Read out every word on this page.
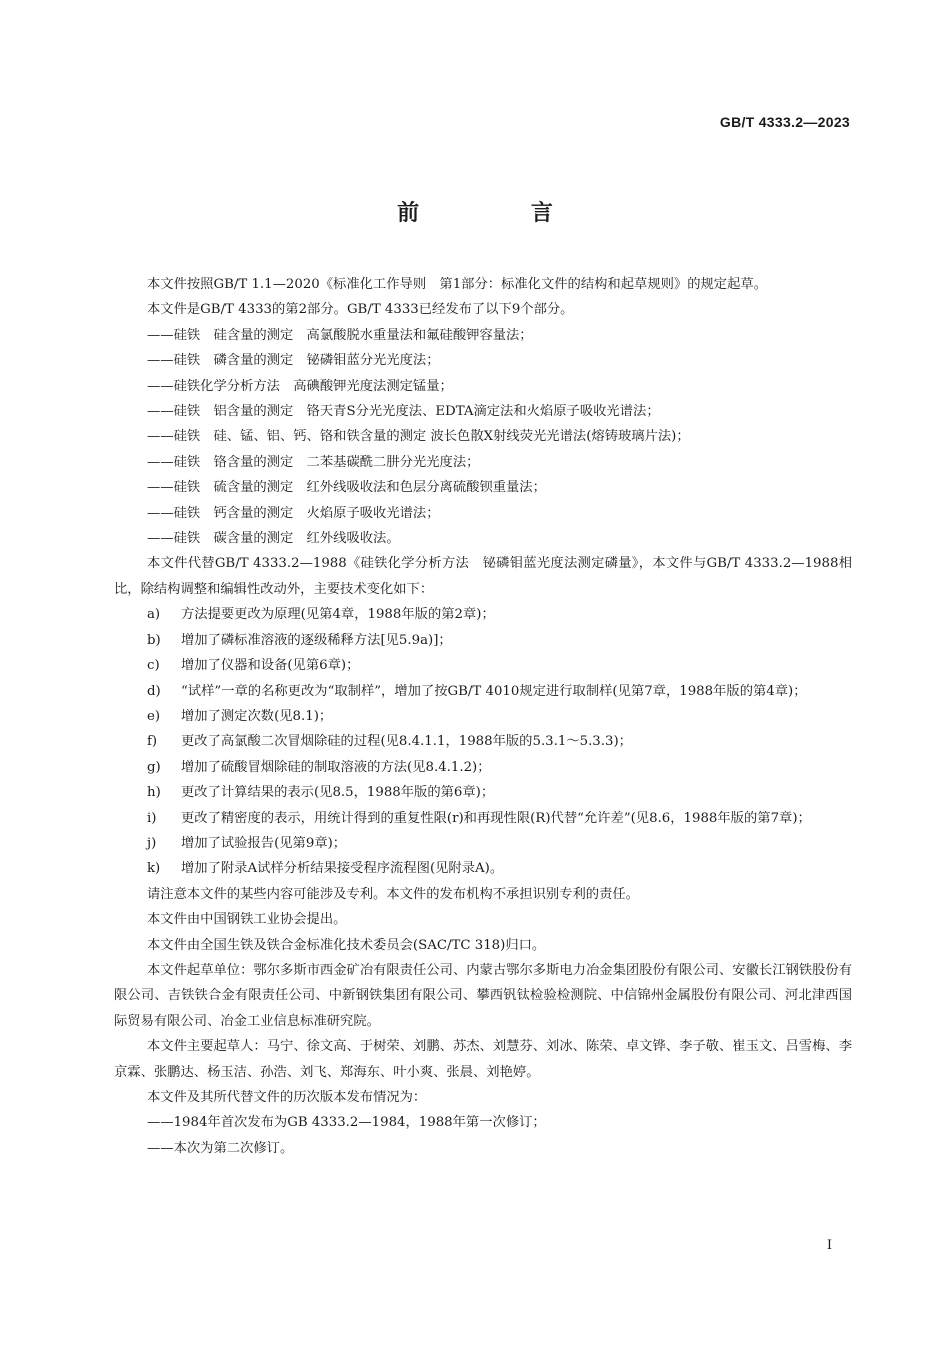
GB/T 4333.2—2023
前 言

本文件按照GB/T 1.1—2020《标准化工作导则　第1部分：标准化文件的结构和起草规则》的规定起草。

本文件是GB/T 4333的第2部分。GB/T 4333已经发布了以下9个部分。

——硅铁　硅含量的测定　高氯酸脱水重量法和氟硅酸钾容量法；

——硅铁　磷含量的测定　铋磷钼蓝分光光度法；

——硅铁化学分析方法　高碘酸钾光度法测定锰量；

——硅铁　铝含量的测定　铬天青S分光光度法、EDTA滴定法和火焰原子吸收光谱法；

——硅铁　硅、锰、铝、钙、铬和铁含量的测定 波长色散X射线荧光光谱法(熔铸玻璃片法)；

——硅铁　铬含量的测定　二苯基碳酰二肼分光光度法；

——硅铁　硫含量的测定　红外线吸收法和色层分离硫酸钡重量法；

——硅铁　钙含量的测定　火焰原子吸收光谱法；

——硅铁　碳含量的测定　红外线吸收法。

本文件代替GB/T 4333.2—1988《硅铁化学分析方法　铋磷钼蓝光度法测定磷量》，本文件与GB/T 4333.2—1988相比，除结构调整和编辑性改动外，主要技术变化如下：

a)	方法提要更改为原理(见第4章，1988年版的第2章)；
b)	增加了磷标准溶液的逐级稀释方法[见5.9a)]；
c)	增加了仪器和设备(见第6章)；
d)	“试样”一章的名称更改为“取制样”，增加了按GB/T 4010规定进行取制样(见第7章，1988年版的第4章)；
e)	增加了测定次数(见8.1)；
f)	更改了高氯酸二次冒烟除硅的过程(见8.4.1.1，1988年版的5.3.1～5.3.3)；
g)	增加了硫酸冒烟除硅的制取溶液的方法(见8.4.1.2)；
h)	更改了计算结果的表示(见8.5，1988年版的第6章)；
i)	更改了精密度的表示，用统计得到的重复性限(r)和再现性限(R)代替“允许差”(见8.6，1988年版的第7章)；
j)	增加了试验报告(见第9章)；
k)	增加了附录A试样分析结果接受程序流程图(见附录A)。

请注意本文件的某些内容可能涉及专利。本文件的发布机构不承担识别专利的责任。

本文件由中国钢铁工业协会提出。

本文件由全国生铁及铁合金标准化技术委员会(SAC/TC 318)归口。

本文件起草单位：鄂尔多斯市西金矿冶有限责任公司、内蒙古鄂尔多斯电力冶金集团股份有限公司、安徽长江钢铁股份有限公司、吉铁铁合金有限责任公司、中新钢铁集团有限公司、攀西钒钛检验检测院、中信锦州金属股份有限公司、河北津西国际贸易有限公司、冶金工业信息标准研究院。

本文件主要起草人：马宁、徐文高、于树荣、刘鹏、苏杰、刘慧芬、刘冰、陈荣、卓文铧、李子敬、崔玉文、吕雪梅、李京霖、张鹏达、杨玉洁、孙浩、刘飞、郑海东、叶小爽、张晨、刘艳婷。

本文件及其所代替文件的历次版本发布情况为：

——1984年首次发布为GB 4333.2—1984，1988年第一次修订；

——本次为第二次修订。

I
